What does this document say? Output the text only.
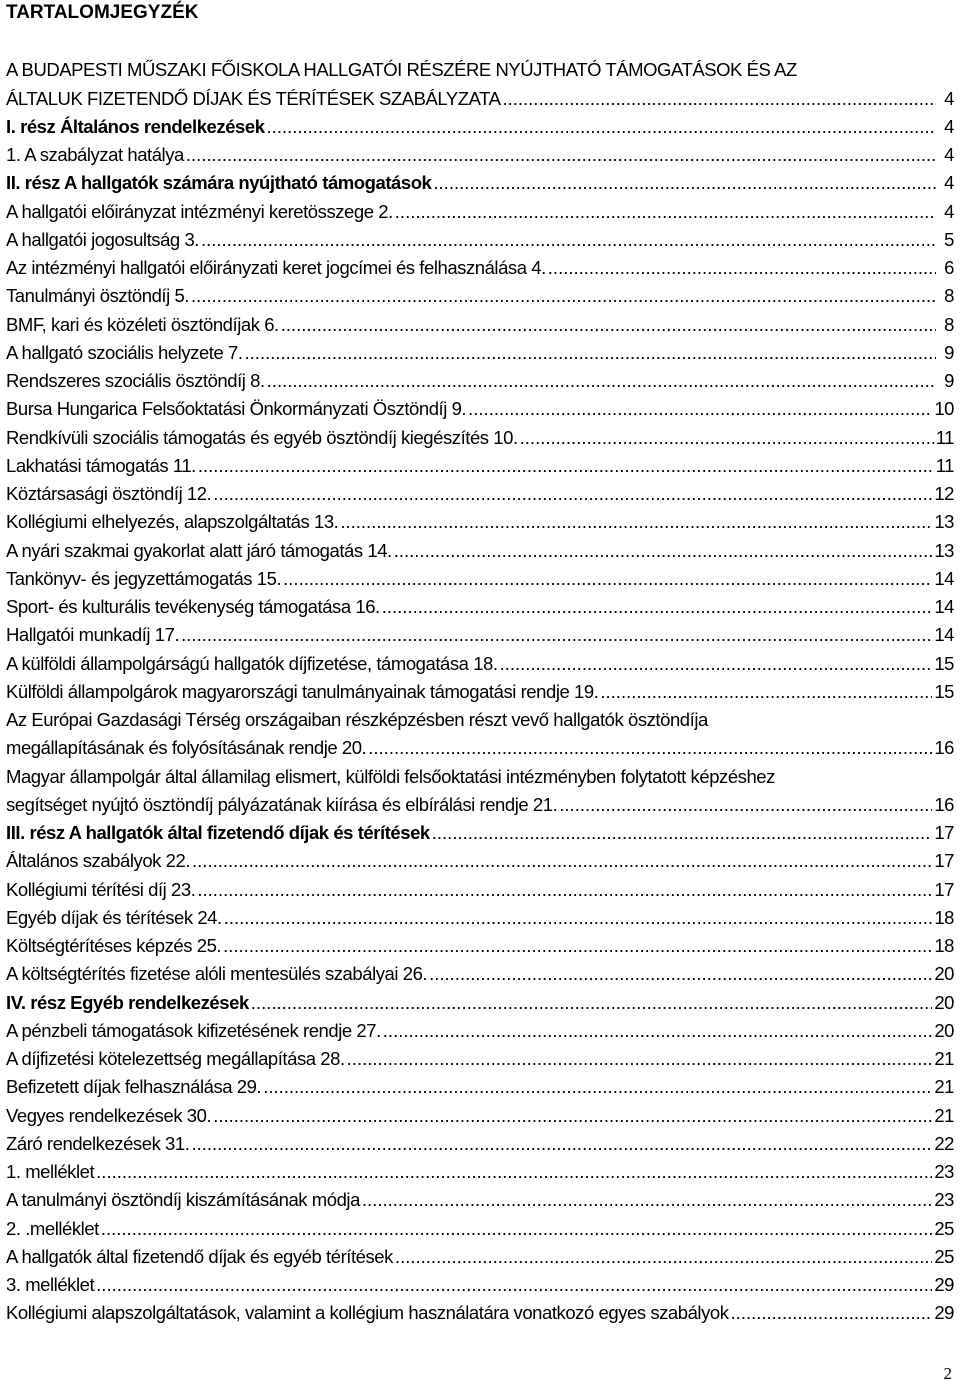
TARTALOMJEGYZÉK
A BUDAPESTI MŰSZAKI FŐISKOLA HALLGATÓI RÉSZÉRE NYÚJTHATÓ TÁMOGATÁSOK ÉS AZ
ÁLTALUK FIZETENDŐ DÍJAK ÉS TÉRÍTÉSEK SZABÁLYZATA .....	4
I. rész Általános rendelkezések .....	4
1. A szabályzat hatálya .....	4
II. rész A hallgatók számára nyújtható támogatások .....	4
A hallgatói előirányzat intézményi keretösszege 2. .....	4
A hallgatói jogosultság 3. .....	5
Az intézményi hallgatói előirányzati keret jogcímei és felhasználása 4. .....	6
Tanulmányi ösztöndíj 5. .....	8
BMF, kari és közéleti ösztöndíjak 6. .....	8
A hallgató szociális helyzete 7. .....	9
Rendszeres szociális ösztöndíj 8. .....	9
Bursa Hungarica Felsőoktatási Önkormányzati Ösztöndíj 9. .....	10
Rendkívüli szociális támogatás és egyéb ösztöndíj kiegészítés 10. .....	11
Lakhatási támogatás 11. .....	11
Köztársasági ösztöndíj 12. .....	12
Kollégiumi elhelyezés, alapszolgáltatás 13. .....	13
A nyári szakmai gyakorlat alatt járó támogatás 14. .....	13
Tankönyv- és jegyzettámogatás 15. .....	14
Sport- és kulturális tevékenység támogatása 16. .....	14
Hallgatói munkadíj 17. .....	14
A külföldi állampolgárságú hallgatók díjfizetése, támogatása 18. .....	15
Külföldi állampolgárok magyarországi tanulmányainak támogatási rendje 19. .....	15
Az Európai Gazdasági Térség országaiban részképzésben részt vevő hallgatók ösztöndíja
megállapításának és folyósításának rendje 20. .....	16
Magyar állampolgár által államilag elismert, külföldi felsőoktatási intézményben folytatott képzéshez
segítséget nyújtó ösztöndíj pályázatának kiírása és elbírálási rendje 21. .....	16
III. rész A hallgatók által fizetendő díjak és térítések .....	17
Általános szabályok 22. .....	17
Kollégiumi térítési díj 23. .....	17
Egyéb díjak és térítések 24. .....	18
Költségtérítéses képzés 25. .....	18
A költségtérítés fizetése alóli mentesülés szabályai 26. .....	20
IV. rész Egyéb rendelkezések .....	20
A pénzbeli támogatások kifizetésének rendje 27. .....	20
A díjfizetési kötelezettség megállapítása 28. .....	21
Befizetett díjak felhasználása 29. .....	21
Vegyes rendelkezések 30. .....	21
Záró rendelkezések 31. .....	22
1. melléklet .....	23
A tanulmányi ösztöndíj kiszámításának módja .....	23
2. .melléklet .....	25
A hallgatók által fizetendő díjak és egyéb térítések .....	25
3. melléklet .....	29
Kollégiumi alapszolgáltatások, valamint a kollégium használatára vonatkozó egyes szabályok .....	29
2
